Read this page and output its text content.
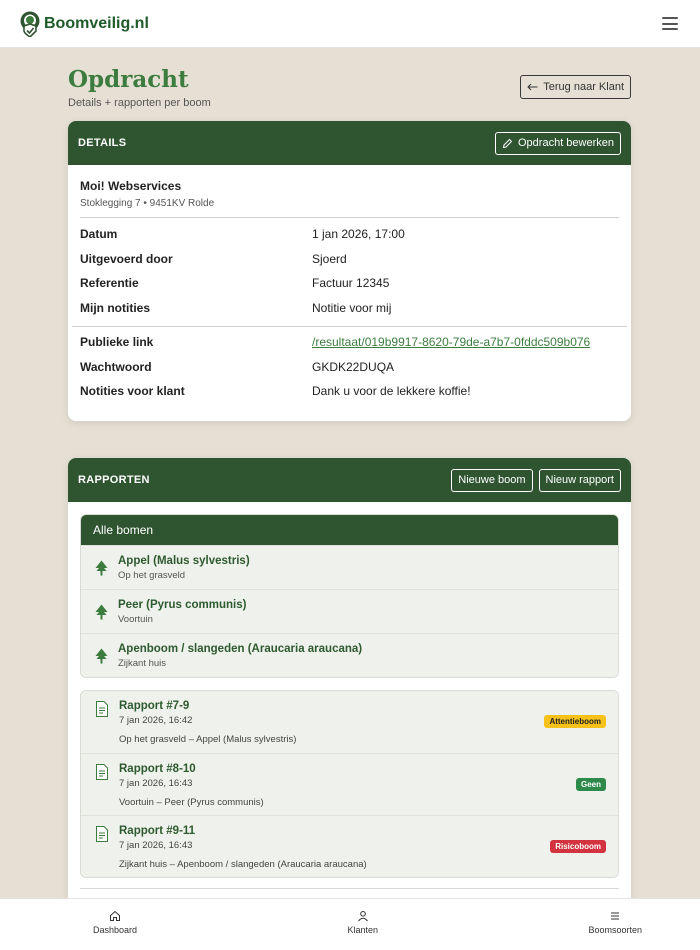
Boomveilig.nl
Opdracht
Details + rapporten per boom
Terug naar Klant
DETAILS	Opdracht bewerken
Moi! Webservices
Stoklegging 7 • 9451KV Rolde
Datum	1 jan 2026, 17:00
Uitgevoerd door	Sjoerd
Referentie	Factuur 12345
Mijn notities	Notitie voor mij
Publieke link	/resultaat/019b9917-8620-79de-a7b7-0fddc509b076
Wachtwoord	GKDK22DUQA
Notities voor klant	Dank u voor de lekkere koffie!
RAPPORTEN	Nieuwe boom	Nieuw rapport
Alle bomen
Appel (Malus sylvestris)
Op het grasveld
Peer (Pyrus communis)
Voortuin
Apenboom / slangeden (Araucaria araucana)
Zijkant huis
Rapport #7-9
7 jan 2026, 16:42
Op het grasveld – Appel (Malus sylvestris)
Attentieboom
Rapport #8-10
7 jan 2026, 16:43
Voortuin – Peer (Pyrus communis)
Geen
Rapport #9-11
7 jan 2026, 16:43
Zijkant huis – Apenboom / slangeden (Araucaria araucana)
Risicoboom
Dashboard	Klanten	Boomsoorten
